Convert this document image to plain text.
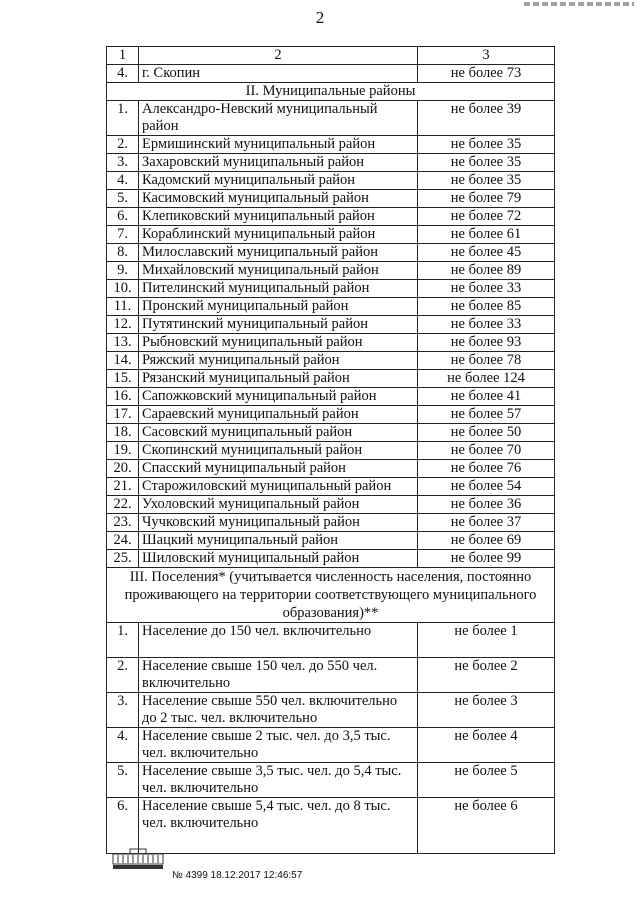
2
1	2	3
4.	г. Скопин	не более 73
II. Муниципальные районы		
1.	Александро-Невский муниципальный район	не более 39
2.	Ермишинский муниципальный район	не более 35
3.	Захаровский муниципальный район	не более 35
4.	Кадомский муниципальный район	не более 35
5.	Касимовский муниципальный район	не более 79
6.	Клепиковский муниципальный район	не более 72
7.	Кораблинский муниципальный район	не более 61
8.	Милославский муниципальный район	не более 45
9.	Михайловский муниципальный район	не более 89
10.	Пителинский муниципальный район	не более 33
11.	Пронский муниципальный район	не более 85
12.	Путятинский муниципальный район	не более 33
13.	Рыбновский муниципальный район	не более 93
14.	Ряжский муниципальный район	не более 78
15.	Рязанский муниципальный район	не более 124
16.	Сапожковский муниципальный район	не более 41
17.	Сараевский муниципальный район	не более 57
18.	Сасовский муниципальный район	не более 50
19.	Скопинский муниципальный район	не более 70
20.	Спасский муниципальный район	не более 76
21.	Старожиловский муниципальный район	не более 54
22.	Ухоловский муниципальный район	не более 36
23.	Чучковский муниципальный район	не более 37
24.	Шацкий муниципальный район	не более 69
25.	Шиловский муниципальный район	не более 99
III. Поселения* (учитывается численность населения, постоянно проживающего на территории соответствующего муниципального образования)**		
1.	Население до 150 чел. включительно	не более 1
2.	Население свыше 150 чел. до 550 чел. включительно	не более 2
3.	Население свыше 550 чел. включительно до 2 тыс. чел. включительно	не более 3
4.	Население свыше 2 тыс. чел. до 3,5 тыс. чел. включительно	не более 4
5.	Население свыше 3,5 тыс. чел. до 5,4 тыс. чел. включительно	не более 5
6.	Население свыше 5,4 тыс. чел. до 8 тыс. чел. включительно	не более 6
№ 4399 18.12.2017 12:46:57
